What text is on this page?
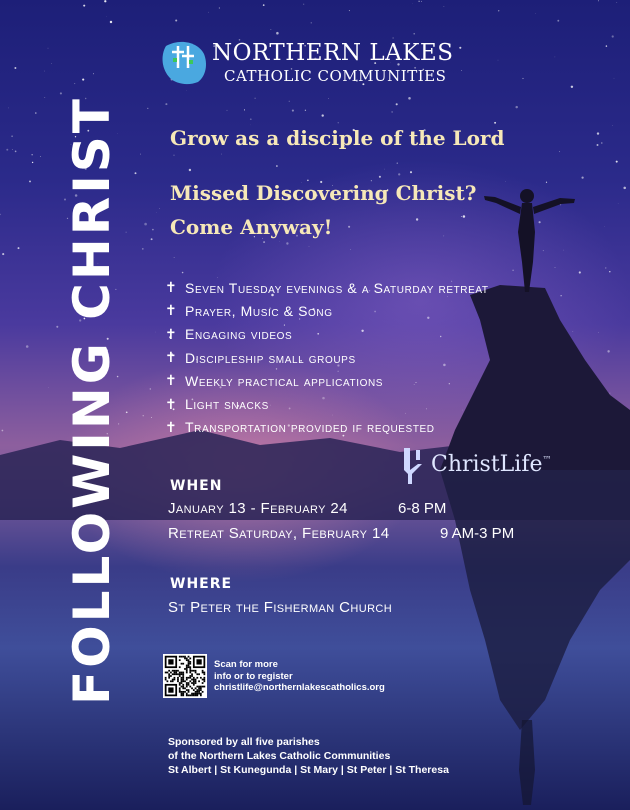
NORTHERN LAKES
CATHOLIC COMMUNITIES
FOLLOWING CHRIST Grow as a disciple of the Lord
Missed Discovering Christ?
Come Anyway!
✝ Seven Tuesday evenings & a Saturday retreat
✝ Prayer, Music & Song
✝ Engaging videos
✝ Discipleship small groups
✝ Weekly practical applications
✝ Light snacks
✝ Transportation provided if requested
ChristLife™
WHEN
January 13 - February 24	6-8 PM
Retreat Saturday, February 14	9 AM-3 PM
WHERE
St Peter the Fisherman Church
Scan for more
info or to register
christlife@northernlakescatholics.org
Sponsored by all five parishes
of the Northern Lakes Catholic Communities
St Albert | St Kunegunda | St Mary | St Peter | St Theresa
